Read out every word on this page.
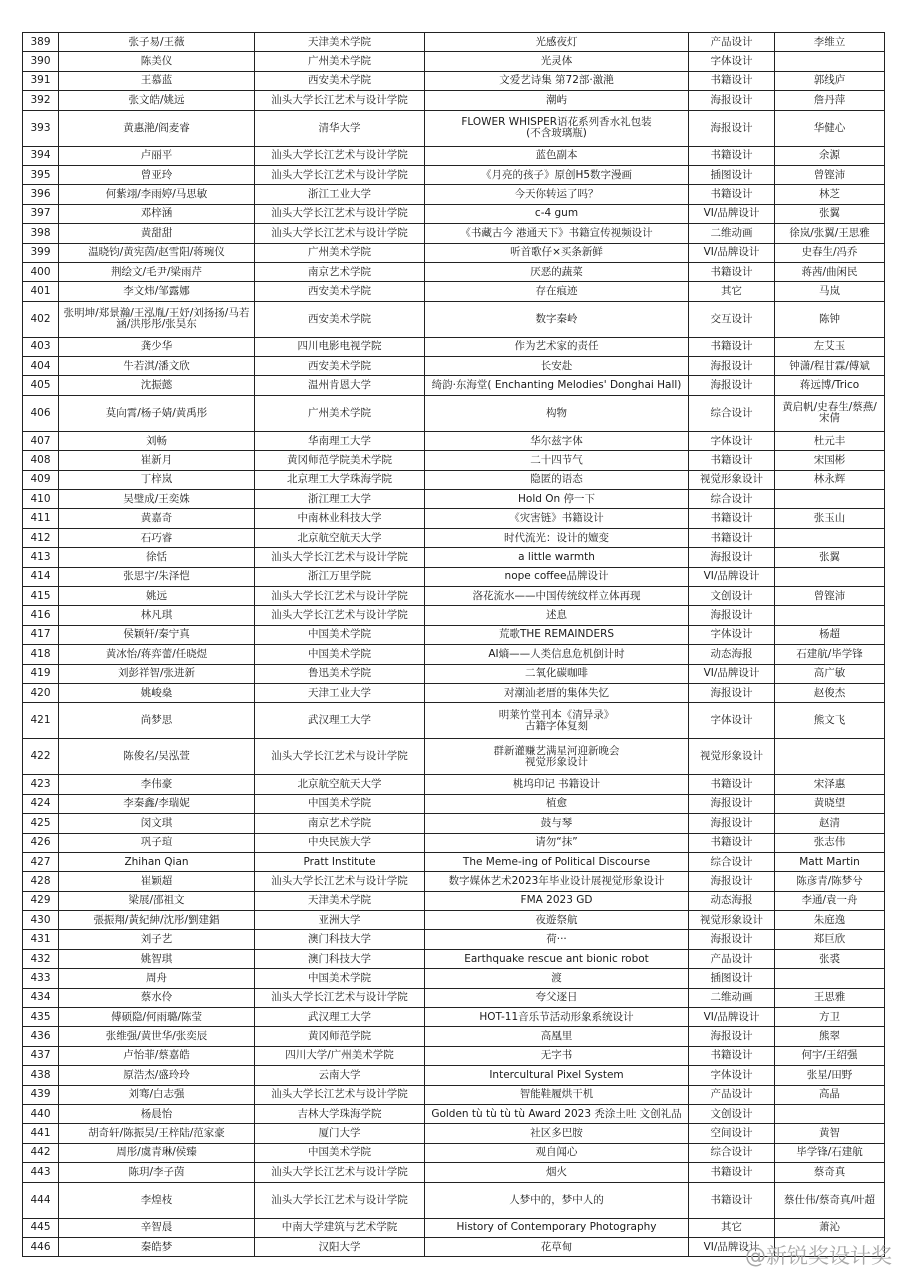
389	张子易/王薇	天津美术学院	光感夜灯	产品设计	李维立
390	陈美仪	广州美术学院	光灵体	字体设计	
391	王慕蓝	西安美术学院	文爱艺诗集 第72部·激滟	书籍设计	郭线庐
392	张文皓/姚远	汕头大学长江艺术与设计学院	潮屿	海报设计	詹丹萍
393	黄惠滟/阎麦睿	清华大学	FLOWER WHISPER语花系列香水礼包装
(不含玻璃瓶)	海报设计	华健心
394	卢丽平	汕头大学长江艺术与设计学院	蓝色副本	书籍设计	余源
395	曾亚玲	汕头大学长江艺术与设计学院	《月亮的孩子》原创H5数字漫画	插图设计	曾铿沛
396	何紫翊/李雨婷/马思敏	浙江工业大学	今天你转运了吗？	书籍设计	林芝
397	邓梓涵	汕头大学长江艺术与设计学院	c-4 gum	VI/品牌设计	张翼
398	黄甜甜	汕头大学长江艺术与设计学院	《书藏古今 港通天下》书籍宣传视频设计	二维动画	徐岚/张翼/王思雅
399	温晓钧/黄宪茵/赵雪阳/蒋琬仪	广州美术学院	听首歌仔×买条新鲜	VI/品牌设计	史春生/冯乔
400	荆绘文/毛尹/梁雨芹	南京艺术学院	厌恶的蔬菜	书籍设计	蒋茜/曲闲民
401	李文炜/邹露娜	西安美术学院	存在痕迹	其它	马岚
402	张明坤/郑景瀚/王泓胤/王妤/刘扬扬/马若涵/洪彤彤/张昊东	西安美术学院	数字秦岭	交互设计	陈钟
403	龚少华	四川电影电视学院	作为艺术家的责任	书籍设计	左艾玉
404	牛若淇/潘文欣	西安美术学院	长安赴	海报设计	钟潇/程甘霖/傅斌
405	沈振懿	温州肯恩大学	绮韵·东海堂( Enchanting Melodies' Donghai Hall)	海报设计	蒋远博/Trico
406	莫向霄/杨子婧/黄禹彤	广州美术学院	构物	综合设计	黄启帆/史春生/蔡燕/宋倩
407	刘畅	华南理工大学	华尔兹字体	字体设计	杜元丰
408	崔新月	黄冈师范学院美术学院	二十四节气	书籍设计	宋国彬
409	丁梓岚	北京理工大学珠海学院	隐匿的语态	视觉形象设计	林永辉
410	吴璧成/王奕姝	浙江理工大学	Hold On 停一下	综合设计	
411	黄嘉奇	中南林业科技大学	《灾害链》书籍设计	书籍设计	张玉山
412	石巧睿	北京航空航天大学	时代流光：设计的嬗变	书籍设计	
413	徐恬	汕头大学长江艺术与设计学院	a little warmth	海报设计	张翼
414	张思宇/朱泽恺	浙江万里学院	nope coffee品牌设计	VI/品牌设计	
415	姚远	汕头大学长江艺术与设计学院	洛花流水——中国传统纹样立体再现	文创设计	曾铿沛
416	林凡琪	汕头大学长江艺术与设计学院	述息	海报设计	
417	侯颖轩/秦宁真	中国美术学院	荒歌THE REMAINDERS	字体设计	杨超
418	黄冰怡/蒋弈蕾/任晓煜	中国美术学院	AI熵——人类信息危机倒计时	动态海报	石建航/毕学锋
419	刘彭祥智/张进新	鲁迅美术学院	二氧化碳咖啡	VI/品牌设计	高广敏
420	姚峻燊	天津工业大学	对潮汕老厝的集体失忆	海报设计	赵俊杰
421	尚梦思	武汉理工大学	明莱竹堂刊本《清异录》
古籍字体复刻	字体设计	熊文飞
422	陈俊名/吴泓萱	汕头大学长江艺术与设计学院	群新灌赚艺满星河迎新晚会
视觉形象设计	视觉形象设计	
423	李伟豪	北京航空航天大学	桃坞印记 书籍设计	书籍设计	宋泽惠
424	李秦鑫/李瑞妮	中国美术学院	植愈	海报设计	黄晓望
425	闵文琪	南京艺术学院	鼓与琴	海报设计	赵清
426	巩子瑄	中央民族大学	请勿“抹”	书籍设计	张志伟
427	Zhihan Qian	Pratt Institute	The Meme-ing of Political Discourse	综合设计	Matt Martin
428	崔颖超	汕头大学长江艺术与设计学院	数字媒体艺术2023年毕业设计展视觉形象设计	海报设计	陈彦青/陈梦兮
429	梁展/邵祖文	天津美术学院	FMA 2023 GD	动态海报	李通/袁一舟
430	張振翔/黃紀紳/沈彤/劉建錩	亚洲大学	夜遊祭航	视觉形象设计	朱庭逸
431	刘子艺	澳门科技大学	荷···	海报设计	郑巨欣
432	姚智琪	澳门科技大学	Earthquake rescue ant bionic robot	产品设计	张裘
433	周舟	中国美术学院	渡	插图设计	
434	蔡水伶	汕头大学长江艺术与设计学院	夸父逐日	二维动画	王思雅
435	傅硕隐/何雨璐/陈莹	武汉理工大学	HOT-11音乐节活动形象系统设计	VI/品牌设计	方卫
436	张维强/黄世华/张奕辰	黄冈师范学院	高凰里	海报设计	熊翠
437	卢怡菲/蔡嘉皓	四川大学/广州美术学院	无字书	书籍设计	何宇/王绍强
438	原浩杰/盛玲玲	云南大学	Intercultural Pixel System	字体设计	张星/田野
439	刘骞/白志强	汕头大学长江艺术与设计学院	智能鞋履烘干机	产品设计	高晶
440	杨晨怡	吉林大学珠海学院	Golden tù tù tù tù Award 2023 秃涂土吐 文创礼品	文创设计	
441	胡奇轩/陈振昊/王梓陆/范家豪	厦门大学	社区多巴胺	空间设计	黄智
442	周彤/虞青琳/侯臻	中国美术学院	观自闻心	综合设计	毕学锋/石建航
443	陈玥/李子茵	汕头大学长江艺术与设计学院	烟火	书籍设计	蔡奇真
444	李煌枝	汕头大学长江艺术与设计学院	人梦中的，梦中人的	书籍设计	蔡仕伟/蔡奇真/叶超
445	辛智晨	中南大学建筑与艺术学院	History of Contemporary Photography	其它	萧沁
446	秦皓梦	汉阳大学	花草甸	VI/品牌设计	
@新锐奖设计奖
